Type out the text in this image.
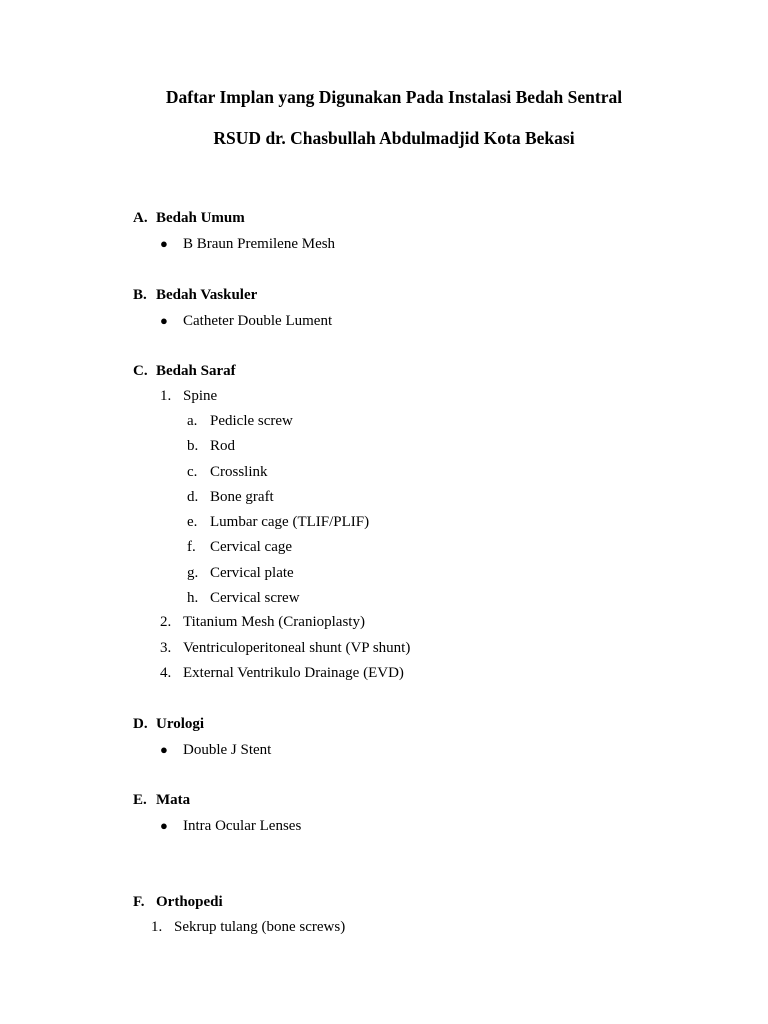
Daftar Implan yang Digunakan Pada Instalasi Bedah Sentral
RSUD dr. Chasbullah Abdulmadjid Kota Bekasi
A. Bedah Umum
● B Braun Premilene Mesh
B. Bedah Vaskuler
● Catheter Double Lument
C. Bedah Saraf
1. Spine
a. Pedicle screw
b. Rod
c. Crosslink
d. Bone graft
e. Lumbar cage (TLIF/PLIF)
f. Cervical cage
g. Cervical plate
h. Cervical screw
2. Titanium Mesh (Cranioplasty)
3. Ventriculoperitoneal shunt (VP shunt)
4. External Ventrikulo Drainage (EVD)
D. Urologi
● Double J Stent
E. Mata
● Intra Ocular Lenses
F. Orthopedi
1. Sekrup tulang (bone screws)
